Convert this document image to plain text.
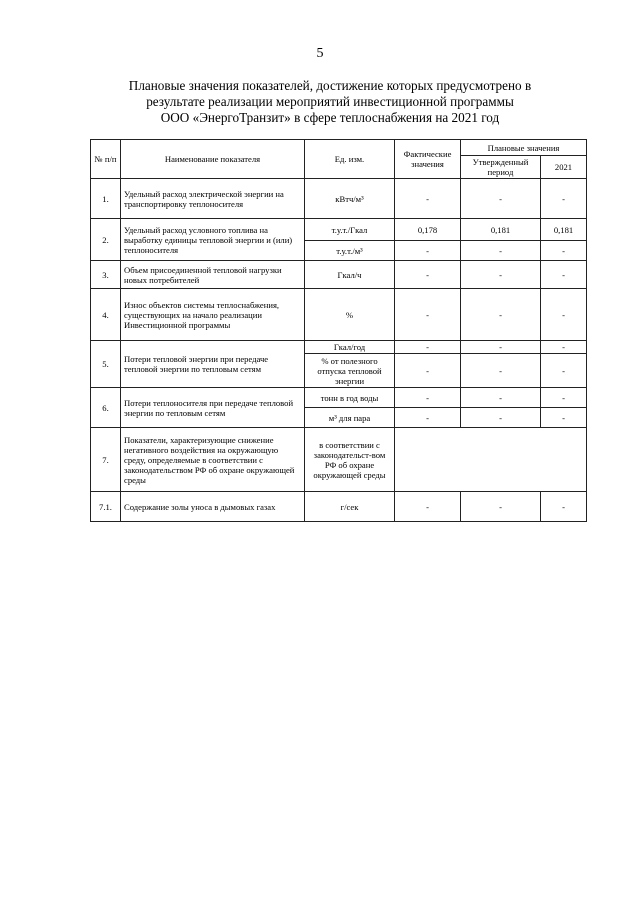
5
Плановые значения показателей, достижение которых предусмотрено в
результате реализации мероприятий инвестиционной программы
ООО «ЭнергоТранзит» в сфере теплоснабжения на 2021 год
№ п/п	Наименование показателя	Ед. изм.	Фактические значения	Плановые значения	
				Утвержденный период	2021
1.	Удельный расход электрической энергии на транспортировку теплоносителя	кВтч/м³	-	-	-
2.	Удельный расход условного топлива на выработку единицы тепловой энергии и (или) теплоносителя	т.у.т./Гкал	0,178	0,181	0,181
		т.у.т./м³	-	-	-
3.	Объем присоединенной тепловой нагрузки новых потребителей	Гкал/ч	-	-	-
4.	Износ объектов системы теплоснабжения, существующих на начало реализации Инвестиционной программы	%	-	-	-
5.	Потери тепловой энергии при передаче тепловой энергии по тепловым сетям	Гкал/год	-	-	-
		% от полезного отпуска тепловой энергии	-	-	-
6.	Потери теплоносителя при передаче тепловой энергии по тепловым сетям	тонн в год воды	-	-	-
		м³ для пара	-	-	-
7.	Показатели, характеризующие снижение негативного воздействия на окружающую среду, определяемые в соответствии с законодательством РФ об охране окружающей среды	в соответствии с законодательст-вом РФ об охране окружающей среды			
7.1.	Содержание золы уноса в дымовых газах	г/сек	-	-	-
